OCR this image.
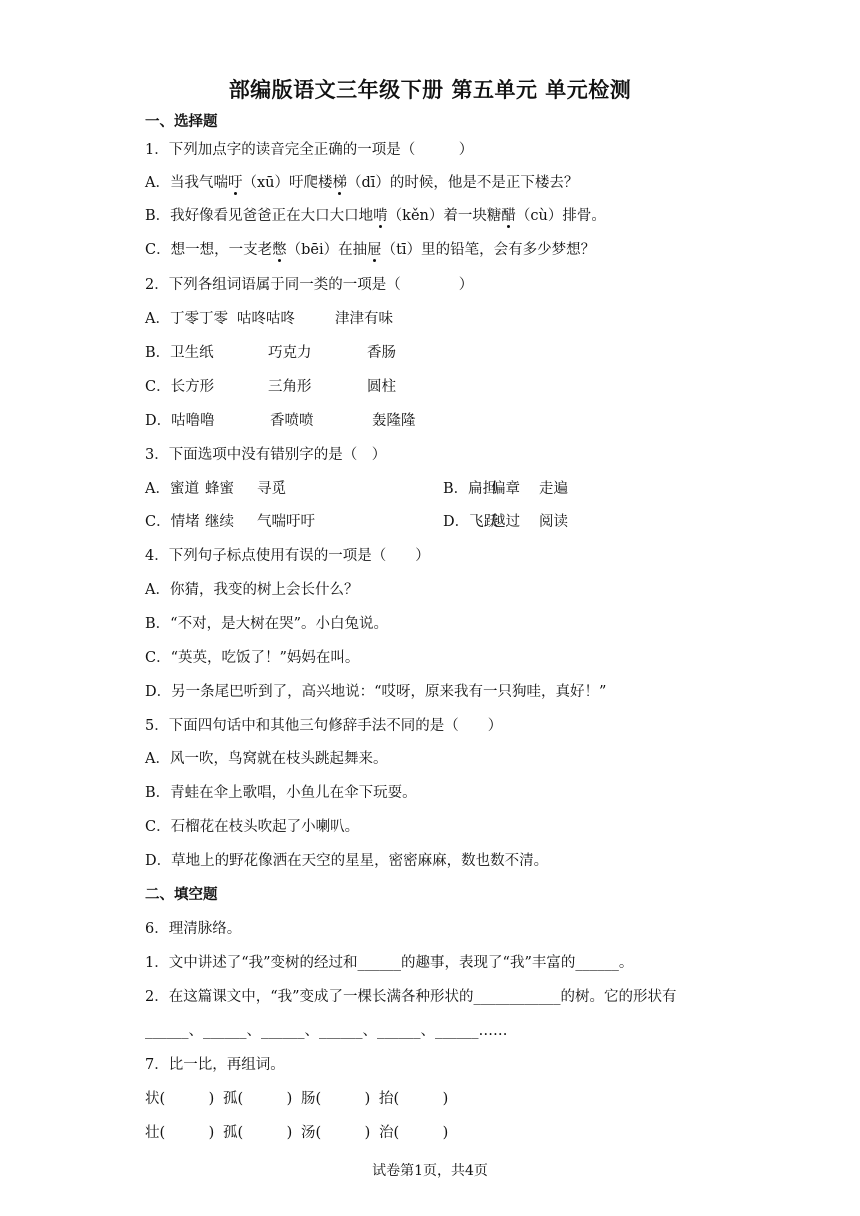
部编版语文三年级下册 第五单元 单元检测
一、选择题
1．下列加点字的读音完全正确的一项是（　　　）
A．当我气喘吁（xū）吁爬楼梯（dī）的时候，他是不是正下楼去？
B．我好像看见爸爸正在大口大口地啃（kěn）着一块糖醋（cù）排骨。
C．想一想，一支老憋（bēi）在抽屉（tī）里的铅笔，会有多少梦想？
2．下列各组词语属于同一类的一项是（　　　　）
A．丁零丁零 咕咚咕咚	津津有味
B．卫生纸	巧克力	香肠
C．长方形	三角形	圆柱
D．咕噜噜	香喷喷	轰隆隆
3．下面选项中没有错别字的是（　）
A．蜜道 蜂蜜 寻觅	B．扁担偏章 走遍
C．情堵 继续 气喘吁吁	D．飞跃越过 阅读
4．下列句子标点使用有误的一项是（　　）
A．你猜，我变的树上会长什么？
B．“不对，是大树在哭”。小白兔说。
C．“英英，吃饭了！”妈妈在叫。
D．另一条尾巴听到了，高兴地说：“哎呀，原来我有一只狗哇，真好！”
5．下面四句话中和其他三句修辞手法不同的是（　　）
A．风一吹，鸟窝就在枝头跳起舞来。
B．青蛙在伞上歌唱，小鱼儿在伞下玩耍。
C．石榴花在枝头吹起了小喇叭。
D．草地上的野花像洒在天空的星星，密密麻麻，数也数不清。
二、填空题
6．理清脉络。
1．文中讲述了“我”变树的经过和______的趣事，表现了“我”丰富的______。
2．在这篇课文中，“我”变成了一棵长满各种形状的____________的树。它的形状有
______、______、______、______、______、______……
7．比一比，再组词。
状(　　　) 孤(　　　) 肠(　　　) 抬(　　　)
壮(　　　) 孤(　　　) 汤(　　　) 治(　　　)
试卷第1页，共4页
